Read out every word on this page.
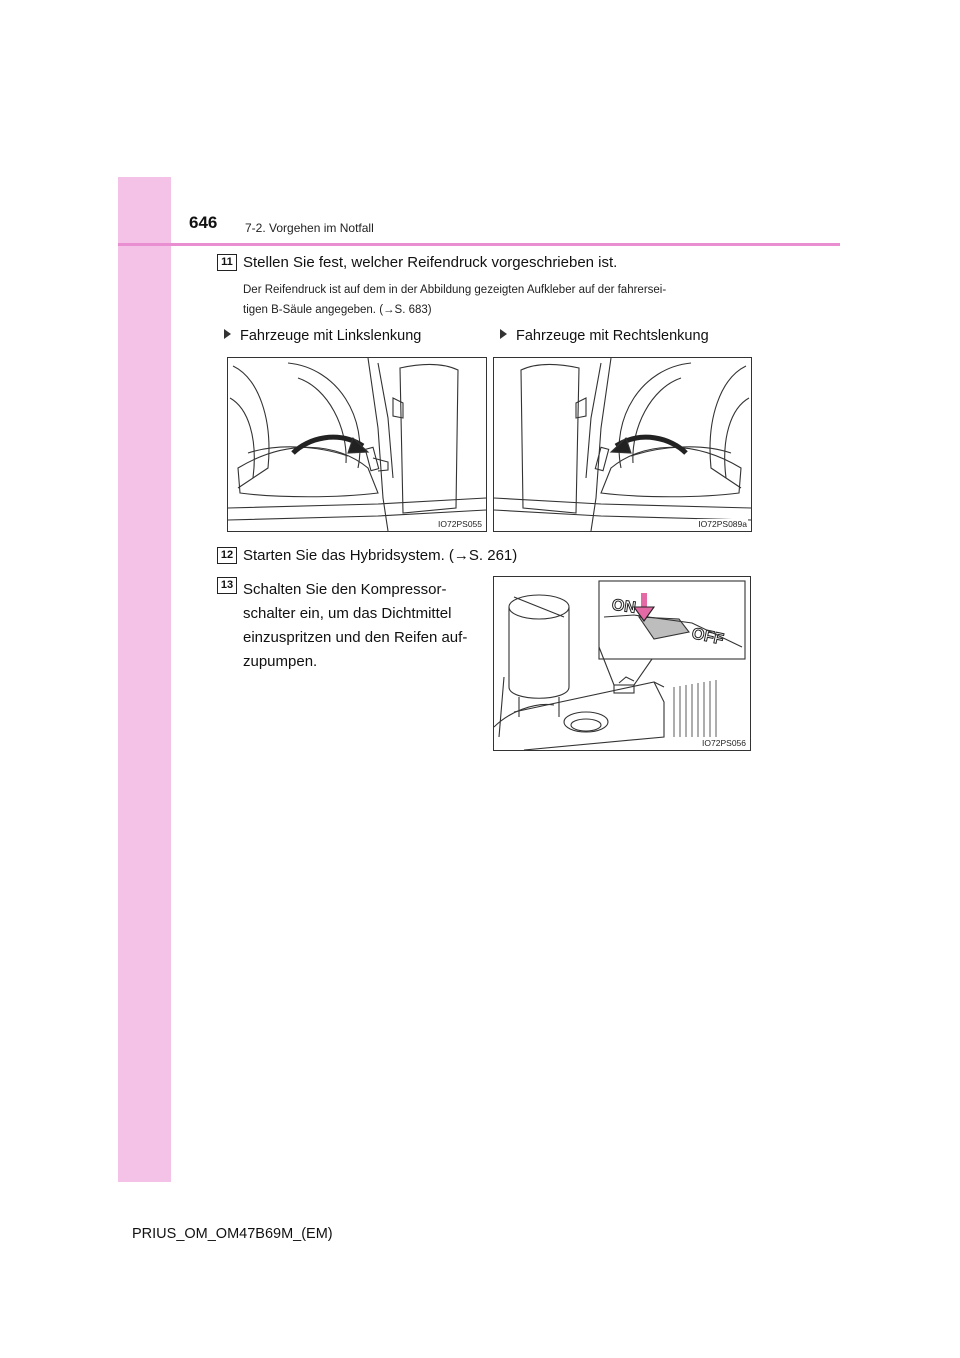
646 7-2. Vorgehen im Notfall
11 Stellen Sie fest, welcher Reifendruck vorgeschrieben ist.
Der Reifendruck ist auf dem in der Abbildung gezeigten Aufkleber auf der fahrersei-
tigen B-Säule angegeben. (→S. 683)
Fahrzeuge mit Linkslenkung	Fahrzeuge mit Rechtslenkung
IO72PS055	IO72PS089a
12 Starten Sie das Hybridsystem. (→S. 261)
13 Schalten Sie den Kompressor-
schalter ein, um das Dichtmittel
einzuspritzen und den Reifen auf-
zupumpen.
ON
OFF
IO72PS056
PRIUS_OM_OM47B69M_(EM)
